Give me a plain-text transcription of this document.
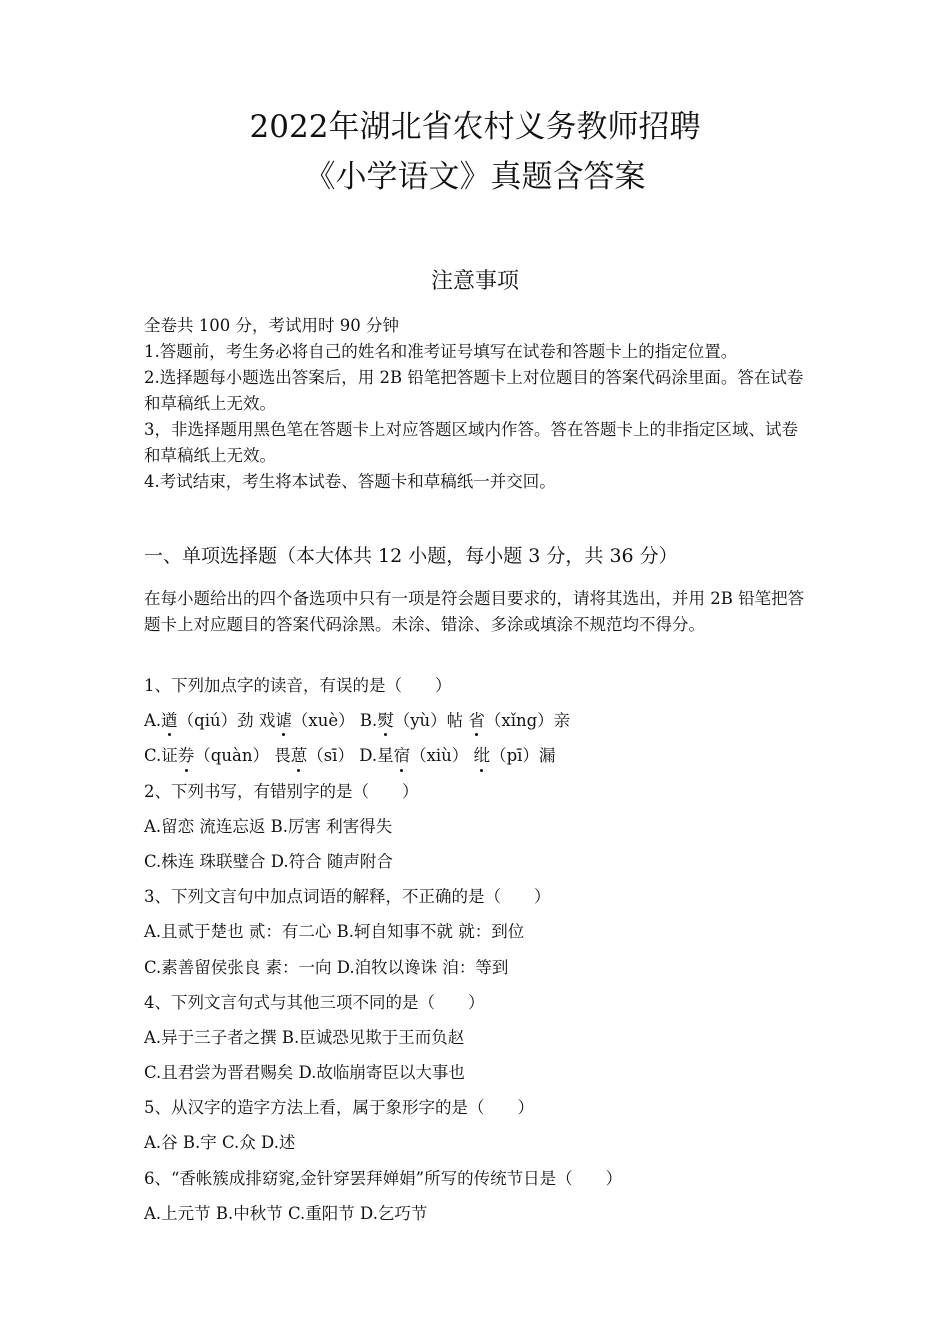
2022年湖北省农村义务教师招聘
《小学语文》真题含答案
注意事项

全卷共 100 分，考试用时 90 分钟

1.答题前，考生务必将自己的姓名和准考证号填写在试卷和答题卡上的指定位置。

2.选择题每小题选出答案后，用 2B 铅笔把答题卡上对位题目的答案代码涂里面。答在试卷和草稿纸上无效。

3，非选择题用黑色笔在答题卡上对应答题区域内作答。答在答题卡上的非指定区域、试卷和草稿纸上无效。

4.考试结束，考生将本试卷、答题卡和草稿纸一并交回。

一、单项选择题（本大体共 12 小题，每小题 3 分，共 36 分）

在每小题给出的四个备选项中只有一项是符会题目要求的，请将其选出，并用 2B 铅笔把答题卡上对应题目的答案代码涂黑。未涂、错涂、多涂或填涂不规范均不得分。

1、下列加点字的读音，有误的是（　　）
A.遒（qiú）劲 戏谑（xuè） B.熨（yù）帖 省（xǐng）亲
C.证券（quàn） 畏葸（sī） D.星宿（xiù） 纰（pī）漏
2、下列书写，有错别字的是（　　）
A.留恋 流连忘返 B.厉害 利害得失
C.株连 珠联璧合 D.符合 随声附合
3、下列文言句中加点词语的解释，不正确的是（　　）
A.且贰于楚也 贰：有二心 B.轲自知事不就 就：到位
C.素善留侯张良 素：一向 D.洎牧以谗诛 洎：等到
4、下列文言句式与其他三项不同的是（　　）
A.异于三子者之撰 B.臣诚恐见欺于王而负赵
C.且君尝为晋君赐矣 D.故临崩寄臣以大事也
5、从汉字的造字方法上看，属于象形字的是（　　）
A.谷 B.宇 C.众 D.述
6、“香帐簇成排窈窕,金针穿罢拜婵娟”所写的传统节日是（　　）
A.上元节 B.中秋节 C.重阳节 D.乞巧节
